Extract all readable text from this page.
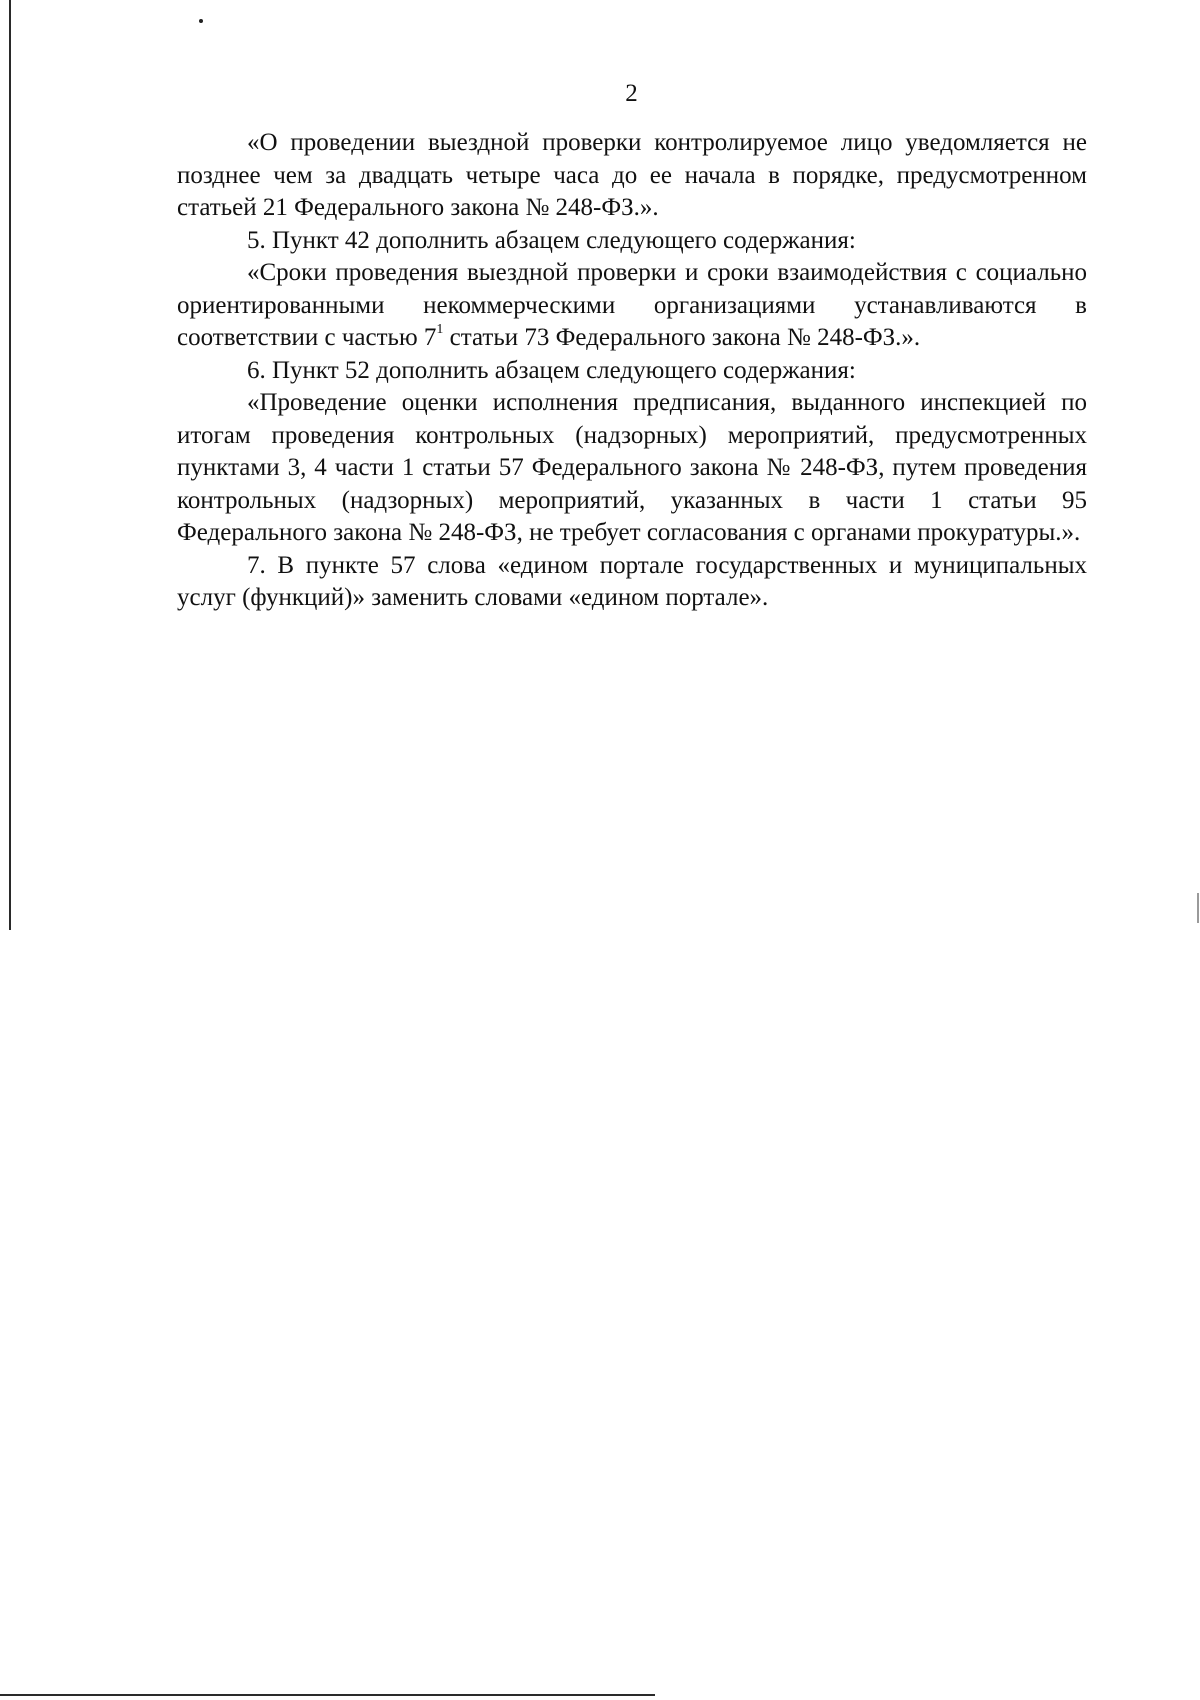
2

«О проведении выездной проверки контролируемое лицо уведомляется не позднее чем за двадцать четыре часа до ее начала в порядке, предусмотренном статьей 21 Федерального закона № 248-ФЗ.».

5. Пункт 42 дополнить абзацем следующего содержания:

«Сроки проведения выездной проверки и сроки взаимодействия с социально ориентированными некоммерческими организациями устанавливаются в соответствии с частью $7^1$ статьи 73 Федерального закона № 248-ФЗ.».

6. Пункт 52 дополнить абзацем следующего содержания:

«Проведение оценки исполнения предписания, выданного инспекцией по итогам проведения контрольных (надзорных) мероприятий, предусмотренных пунктами 3, 4 части 1 статьи 57 Федерального закона № 248-ФЗ, путем проведения контрольных (надзорных) мероприятий, указанных в части 1 статьи 95 Федерального закона № 248-ФЗ, не требует согласования с органами прокуратуры.».

7. В пункте 57 слова «едином портале государственных и муниципальных услуг (функций)» заменить словами «едином портале».
